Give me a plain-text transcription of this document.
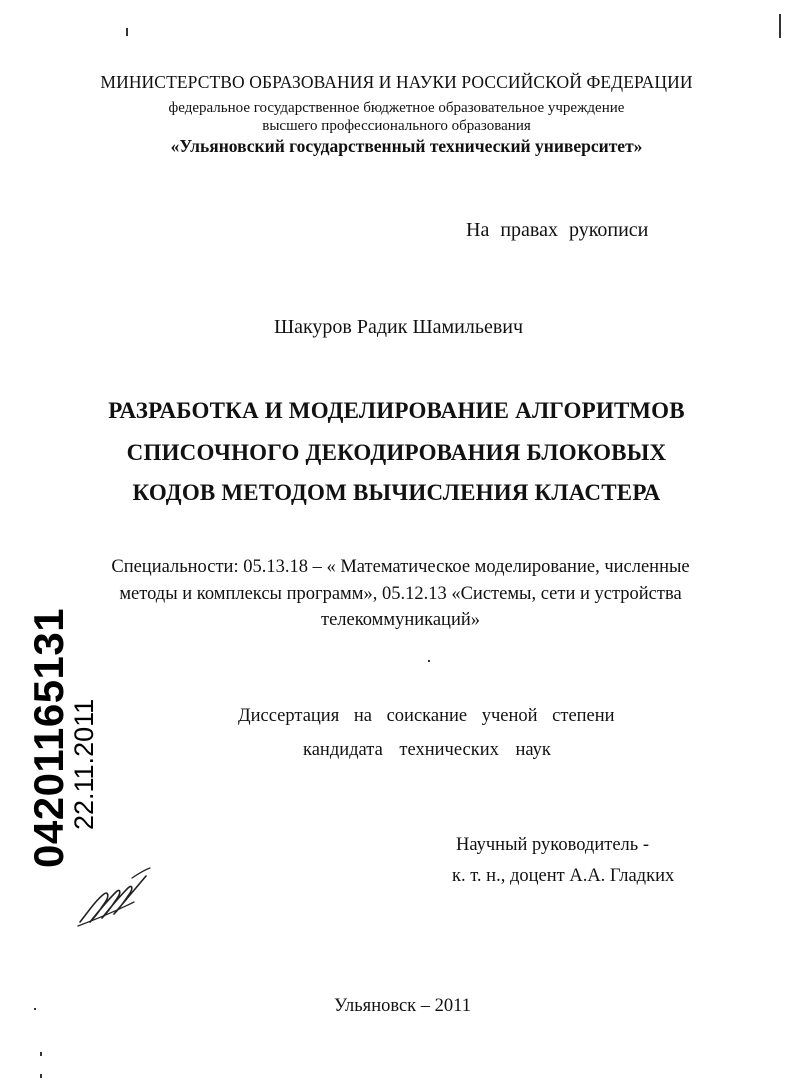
МИНИСТЕРСТВО ОБРАЗОВАНИЯ И НАУКИ РОССИЙСКОЙ ФЕДЕРАЦИИ

федеральное государственное бюджетное образовательное учреждение

высшего профессионального образования

«Ульяновский государственный технический университет»

На правах рукописи

Шакуров Радик Шамильевич

РАЗРАБОТКА И МОДЕЛИРОВАНИЕ АЛГОРИТМОВ

СПИСОЧНОГО ДЕКОДИРОВАНИЯ БЛОКОВЫХ

КОДОВ МЕТОДОМ ВЫЧИСЛЕНИЯ КЛАСТЕРА

Специальности: 05.13.18 – « Математическое моделирование, численные

методы и комплексы программ», 05.12.13 «Системы, сети и устройства

телекоммуникаций»

Диссертация на соискание ученой степени

кандидата технических наук

Научный руководитель -

к. т. н., доцент А.А. Гладких

Ульяновск – 2011

04201165131
22.11.2011
